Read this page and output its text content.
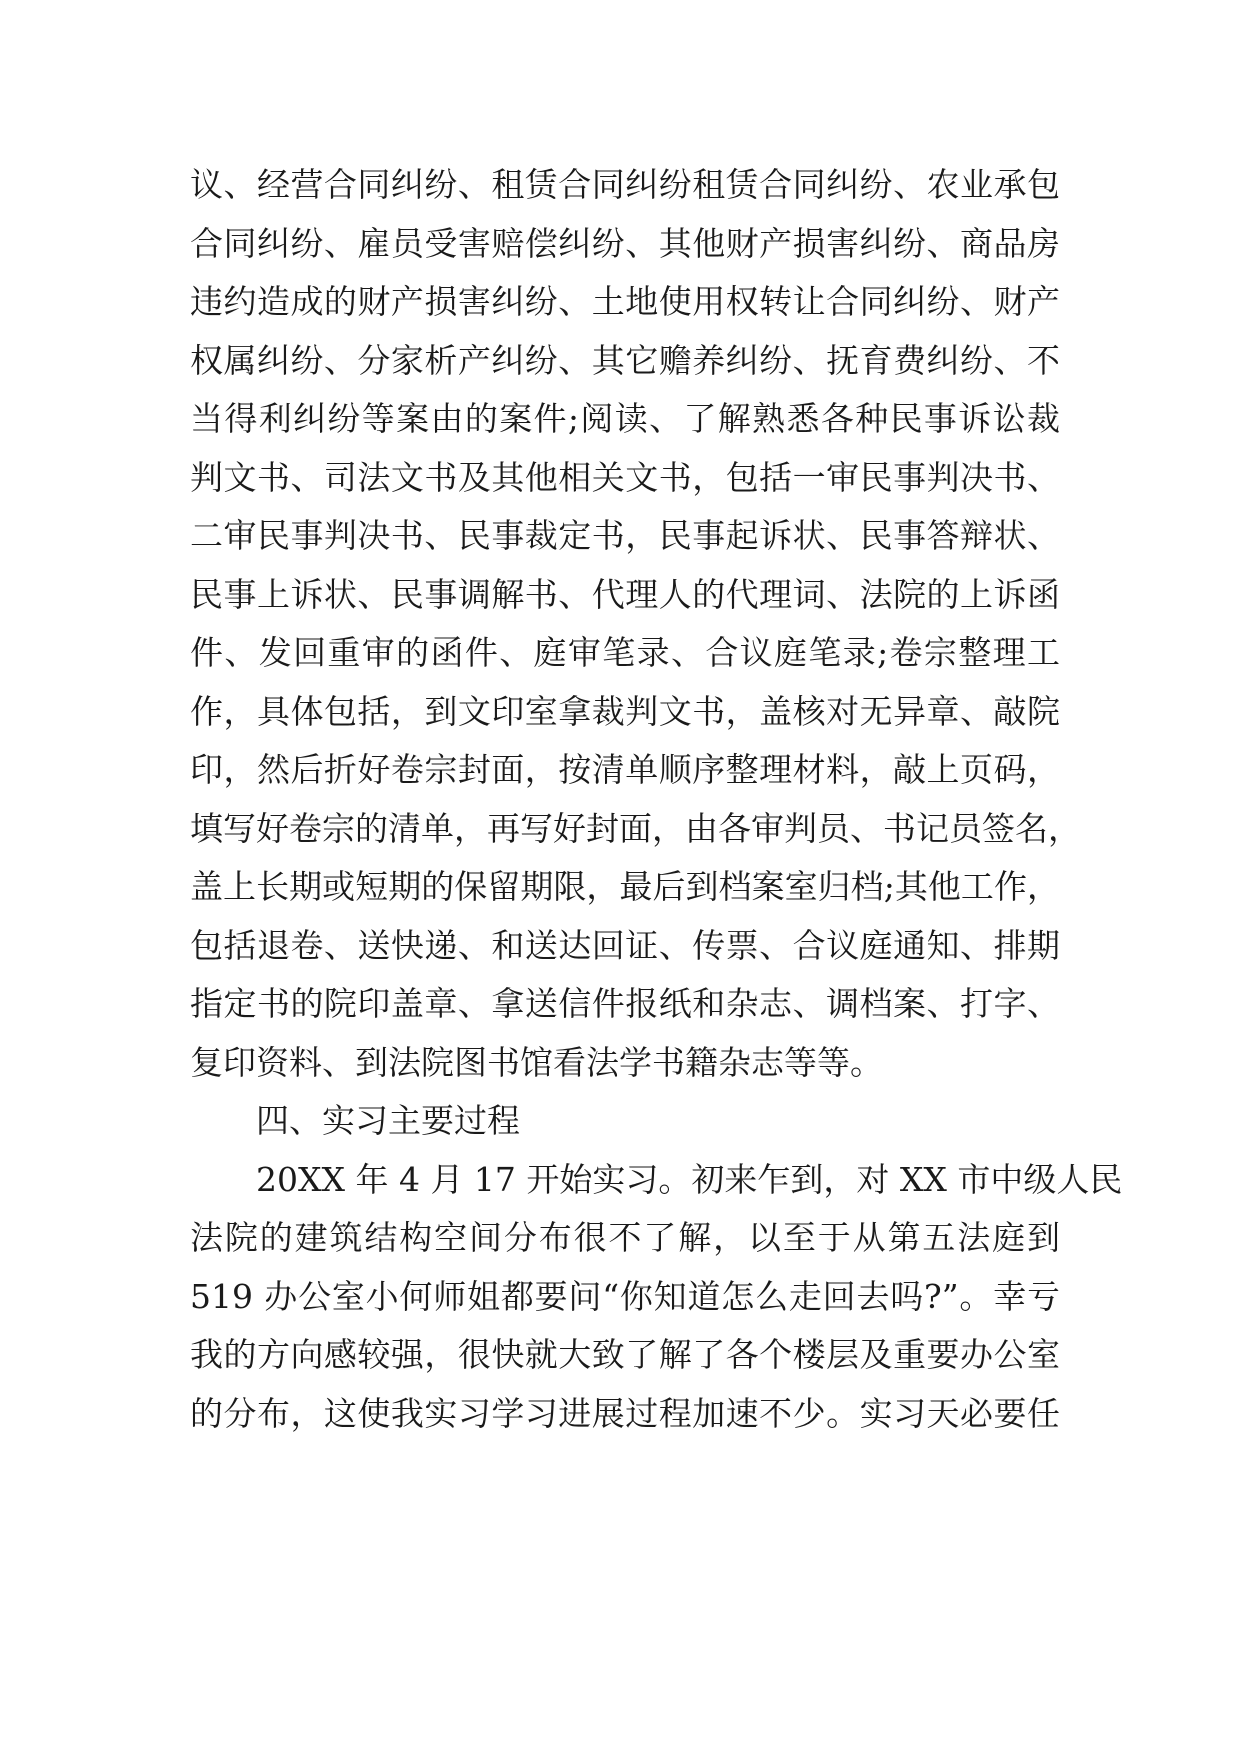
议、经营合同纠纷、租赁合同纠纷租赁合同纠纷、农业承包
合同纠纷、雇员受害赔偿纠纷、其他财产损害纠纷、商品房
违约造成的财产损害纠纷、土地使用权转让合同纠纷、财产
权属纠纷、分家析产纠纷、其它赡养纠纷、抚育费纠纷、不
当得利纠纷等案由的案件;阅读、了解熟悉各种民事诉讼裁
判文书、司法文书及其他相关文书，包括一审民事判决书、
二审民事判决书、民事裁定书，民事起诉状、民事答辩状、
民事上诉状、民事调解书、代理人的代理词、法院的上诉函
件、发回重审的函件、庭审笔录、合议庭笔录;卷宗整理工
作，具体包括，到文印室拿裁判文书，盖核对无异章、敲院
印，然后折好卷宗封面，按清单顺序整理材料，敲上页码，
填写好卷宗的清单，再写好封面，由各审判员、书记员签名，
盖上长期或短期的保留期限，最后到档案室归档;其他工作，
包括退卷、送快递、和送达回证、传票、合议庭通知、排期
指定书的院印盖章、拿送信件报纸和杂志、调档案、打字、
复印资料、到法院图书馆看法学书籍杂志等等。
四、实习主要过程
20XX 年 4 月 17 开始实习。初来乍到，对 XX 市中级人民
法院的建筑结构空间分布很不了解，以至于从第五法庭到
519 办公室小何师姐都要问“你知道怎么走回去吗?”。幸亏
我的方向感较强，很快就大致了解了各个楼层及重要办公室
的分布，这使我实习学习进展过程加速不少。实习天必要任
